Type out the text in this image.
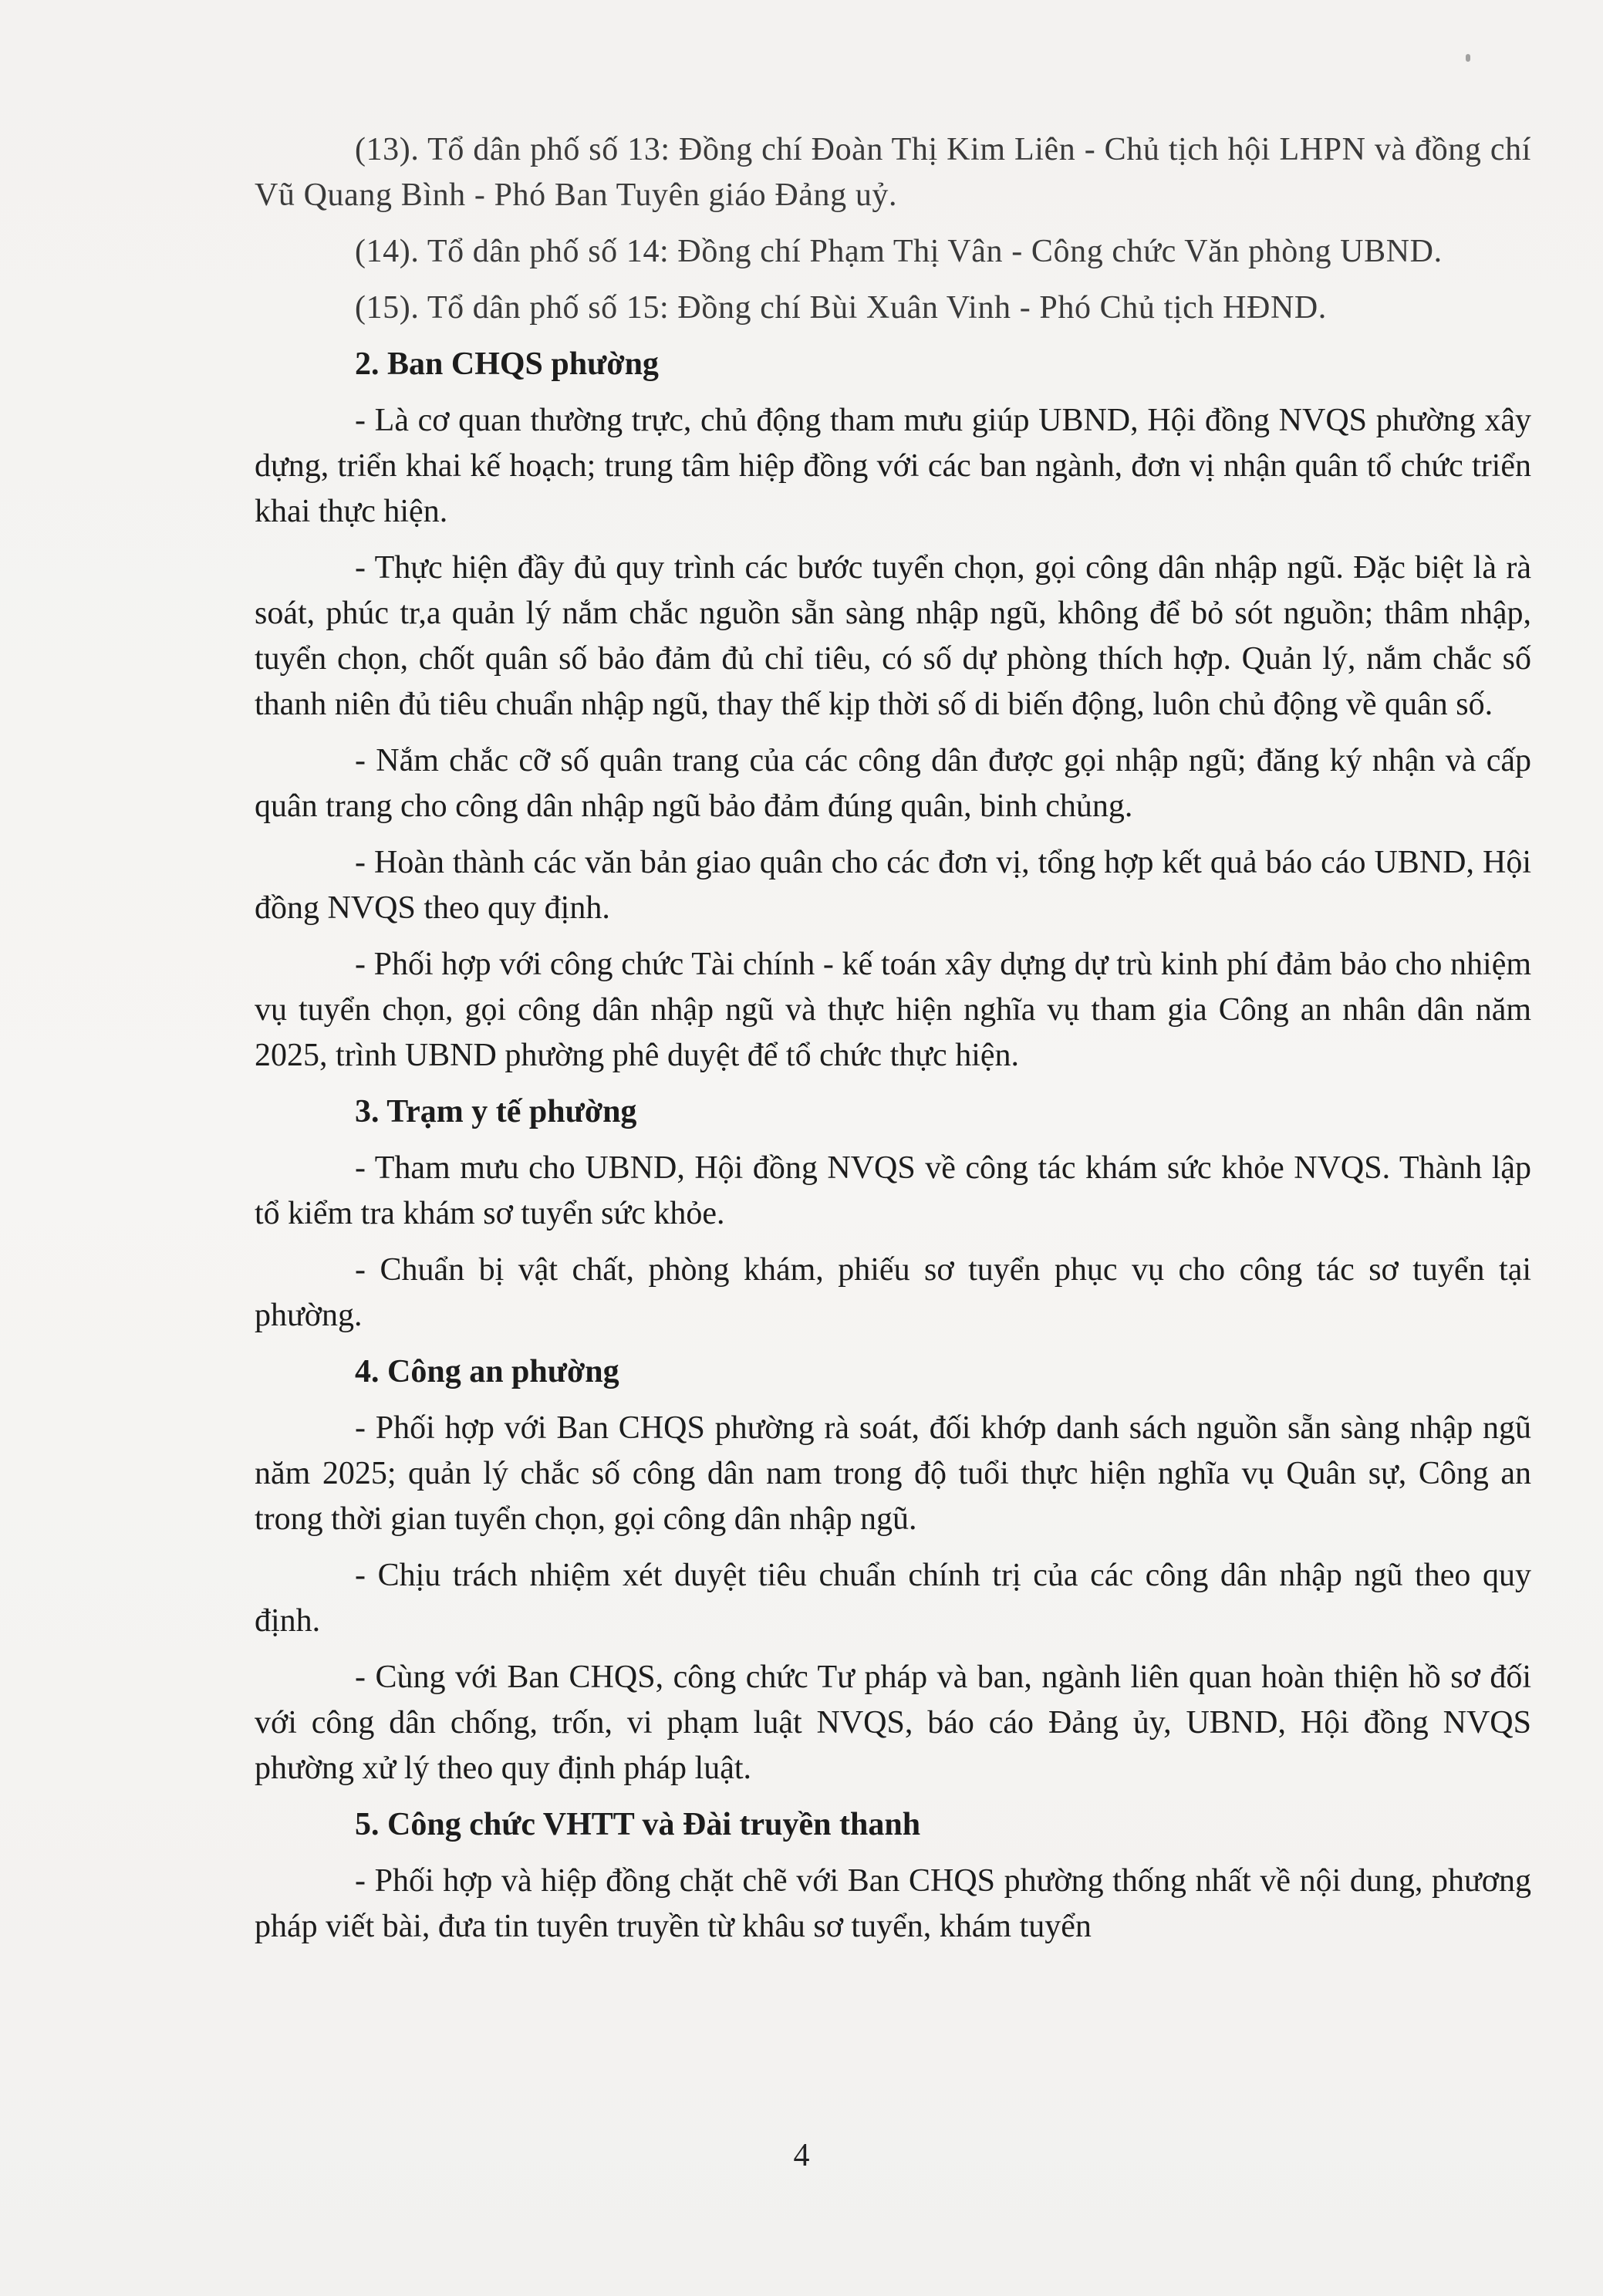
(13). Tổ dân phố số 13: Đồng chí Đoàn Thị Kim Liên - Chủ tịch hội LHPN và đồng chí Vũ Quang Bình - Phó Ban Tuyên giáo Đảng uỷ.
(14). Tổ dân phố số 14: Đồng chí Phạm Thị Vân - Công chức Văn phòng UBND.
(15). Tổ dân phố số 15: Đồng chí Bùi Xuân Vinh - Phó Chủ tịch HĐND.
2. Ban CHQS phường
- Là cơ quan thường trực, chủ động tham mưu giúp UBND, Hội đồng NVQS phường xây dựng, triển khai kế hoạch; trung tâm hiệp đồng với các ban ngành, đơn vị nhận quân tổ chức triển khai thực hiện.
- Thực hiện đầy đủ quy trình các bước tuyển chọn, gọi công dân nhập ngũ. Đặc biệt là rà soát, phúc tr,a quản lý nắm chắc nguồn sẵn sàng nhập ngũ, không để bỏ sót nguồn; thâm nhập, tuyển chọn, chốt quân số bảo đảm đủ chỉ tiêu, có số dự phòng thích hợp. Quản lý, nắm chắc số thanh niên đủ tiêu chuẩn nhập ngũ, thay thế kịp thời số di biến động, luôn chủ động về quân số.
- Nắm chắc cỡ số quân trang của các công dân được gọi nhập ngũ; đăng ký nhận và cấp quân trang cho công dân nhập ngũ bảo đảm đúng quân, binh chủng.
- Hoàn thành các văn bản giao quân cho các đơn vị, tổng hợp kết quả báo cáo UBND, Hội đồng NVQS theo quy định.
- Phối hợp với công chức Tài chính - kế toán xây dựng dự trù kinh phí đảm bảo cho nhiệm vụ tuyển chọn, gọi công dân nhập ngũ và thực hiện nghĩa vụ tham gia Công an nhân dân năm 2025, trình UBND phường phê duyệt để tổ chức thực hiện.
3. Trạm y tế phường
- Tham mưu cho UBND, Hội đồng NVQS về công tác khám sức khỏe NVQS. Thành lập tổ kiểm tra khám sơ tuyển sức khỏe.
- Chuẩn bị vật chất, phòng khám, phiếu sơ tuyển phục vụ cho công tác sơ tuyển tại phường.
4. Công an phường
- Phối hợp với Ban CHQS phường rà soát, đối khớp danh sách nguồn sẵn sàng nhập ngũ năm 2025; quản lý chắc số công dân nam trong độ tuổi thực hiện nghĩa vụ Quân sự, Công an trong thời gian tuyển chọn, gọi công dân nhập ngũ.
- Chịu trách nhiệm xét duyệt tiêu chuẩn chính trị của các công dân nhập ngũ theo quy định.
- Cùng với Ban CHQS, công chức Tư pháp và ban, ngành liên quan hoàn thiện hồ sơ đối với công dân chống, trốn, vi phạm luật NVQS, báo cáo Đảng ủy, UBND, Hội đồng NVQS phường xử lý theo quy định pháp luật.
5. Công chức VHTT và Đài truyền thanh
- Phối hợp và hiệp đồng chặt chẽ với Ban CHQS phường thống nhất về nội dung, phương pháp viết bài, đưa tin tuyên truyền từ khâu sơ tuyển, khám tuyển
4
